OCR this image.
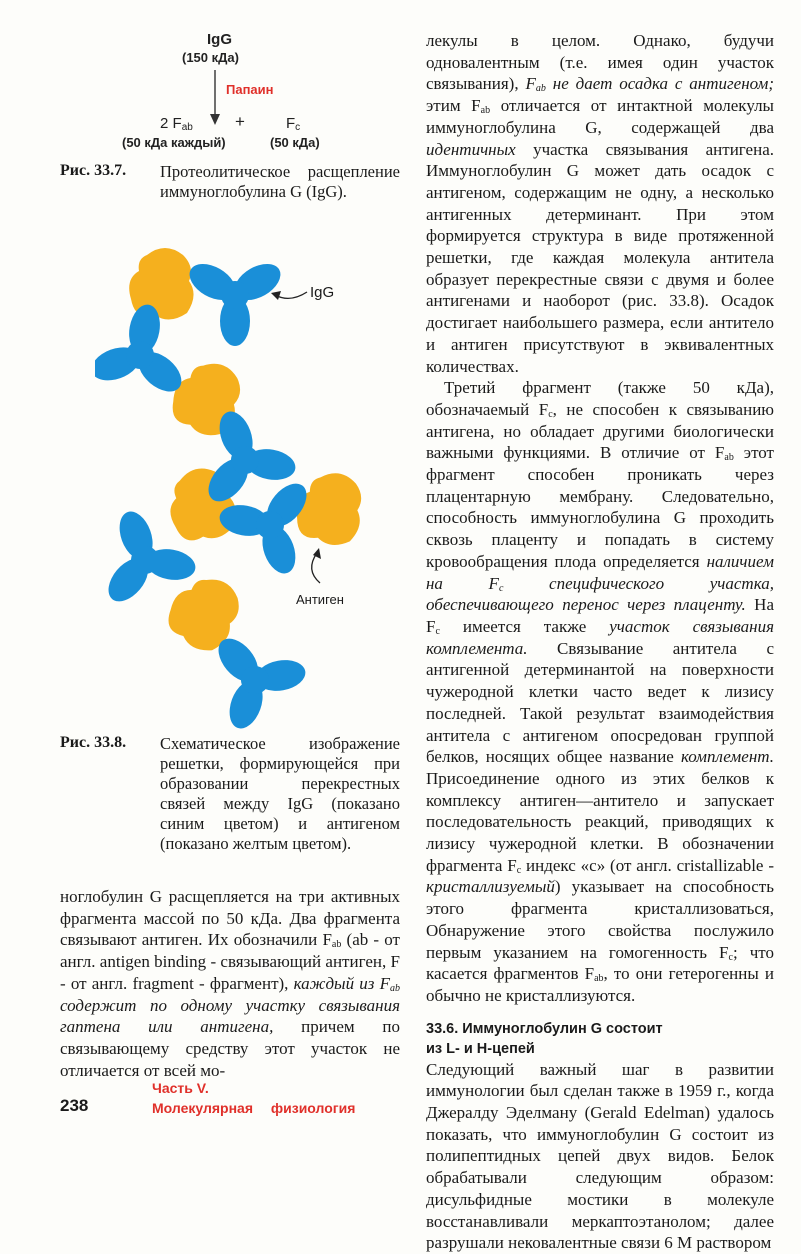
IgG
(150 кДа)
Папаин
2 $F_{ab}$ +	$F_c$
(50 кДа каждый)	(50 кДа)
Рис. 33.7. Протеолитическое расщепление иммуноглобулина G (IgG).
IgG
Антиген
Рис. 33.8. Схематическое изображение решетки, формирующейся при образовании перекрестных связей между IgG (показано синим цветом) и антигеном (показано желтым цветом).

ноглобулин G расщепляется на три активных фрагмента массой по 50 кДа. Два фрагмента связывают антиген. Их обозначили $F_{ab}$ (ab - от англ. antigen binding - связывающий антиген, F - от англ. fragment - фрагмент), каждый из $F_{ab}$ содержит по одному участку связывания гаптена или антигена, причем по связывающему средству этот участок не отличается от всей мо-

лекулы в целом. Однако, будучи одновалентным (т.е. имея один участок связывания), $F_{ab}$ не дает осадка с антигеном; этим $F_{ab}$ отличается от интактной молекулы иммуноглобулина G, содержащей два идентичных участка связывания антигена. Иммуноглобулин G может дать осадок с антигеном, содержащим не одну, а несколько антигенных детерминант. При этом формируется структура в виде протяженной решетки, где каждая молекула антитела образует перекрестные связи с двумя и более антигенами и наоборот (рис. 33.8). Осадок достигает наибольшего размера, если антитело и антиген присутствуют в эквивалентных количествах.

Третий фрагмент (также 50 кДа), обозначаемый $F_c$, не способен к связыванию антигена, но обладает другими биологически важными функциями. В отличие от $F_{ab}$ этот фрагмент способен проникать через плацентарную мембрану. Следовательно, способность иммуноглобулина G проходить сквозь плаценту и попадать в систему кровообращения плода определяется наличием на $F_c$ специфического участка, обеспечивающего перенос через плаценту. На $F_c$ имеется также участок связывания комплемента. Связывание антитела с антигенной детерминантой на поверхности чужеродной клетки часто ведет к лизису последней. Такой результат взаимодействия антитела с антигеном опосредован группой белков, носящих общее название комплемент. Присоединение одного из этих белков к комплексу антиген—антитело и запускает последовательность реакций, приводящих к лизису чужеродной клетки. В обозначении фрагмента $F_c$ индекс «c» (от англ. cristallizable - кристаллизуемый) указывает на способность этого фрагмента кристаллизоваться, Обнаружение этого свойства послужило первым указанием на гомогенность $F_c$; что касается фрагментов $F_{ab}$, то они гетерогенны и обычно не кристаллизуются.

33.6. Иммуноглобулин G состоит
из L- и H-цепей

Следующий важный шаг в развитии иммунологии был сделан также в 1959 г., когда Джералду Эделману (Gerald Edelman) удалось показать, что иммуноглобулин G состоит из полипептидных цепей двух видов. Белок обрабатывали следующим образом: дисульфидные мостики в молекуле восстанавливали меркаптоэтанолом; далее разрушали нековалентные связи 6 М раствором

238
Часть V.
Молекулярная физиология
